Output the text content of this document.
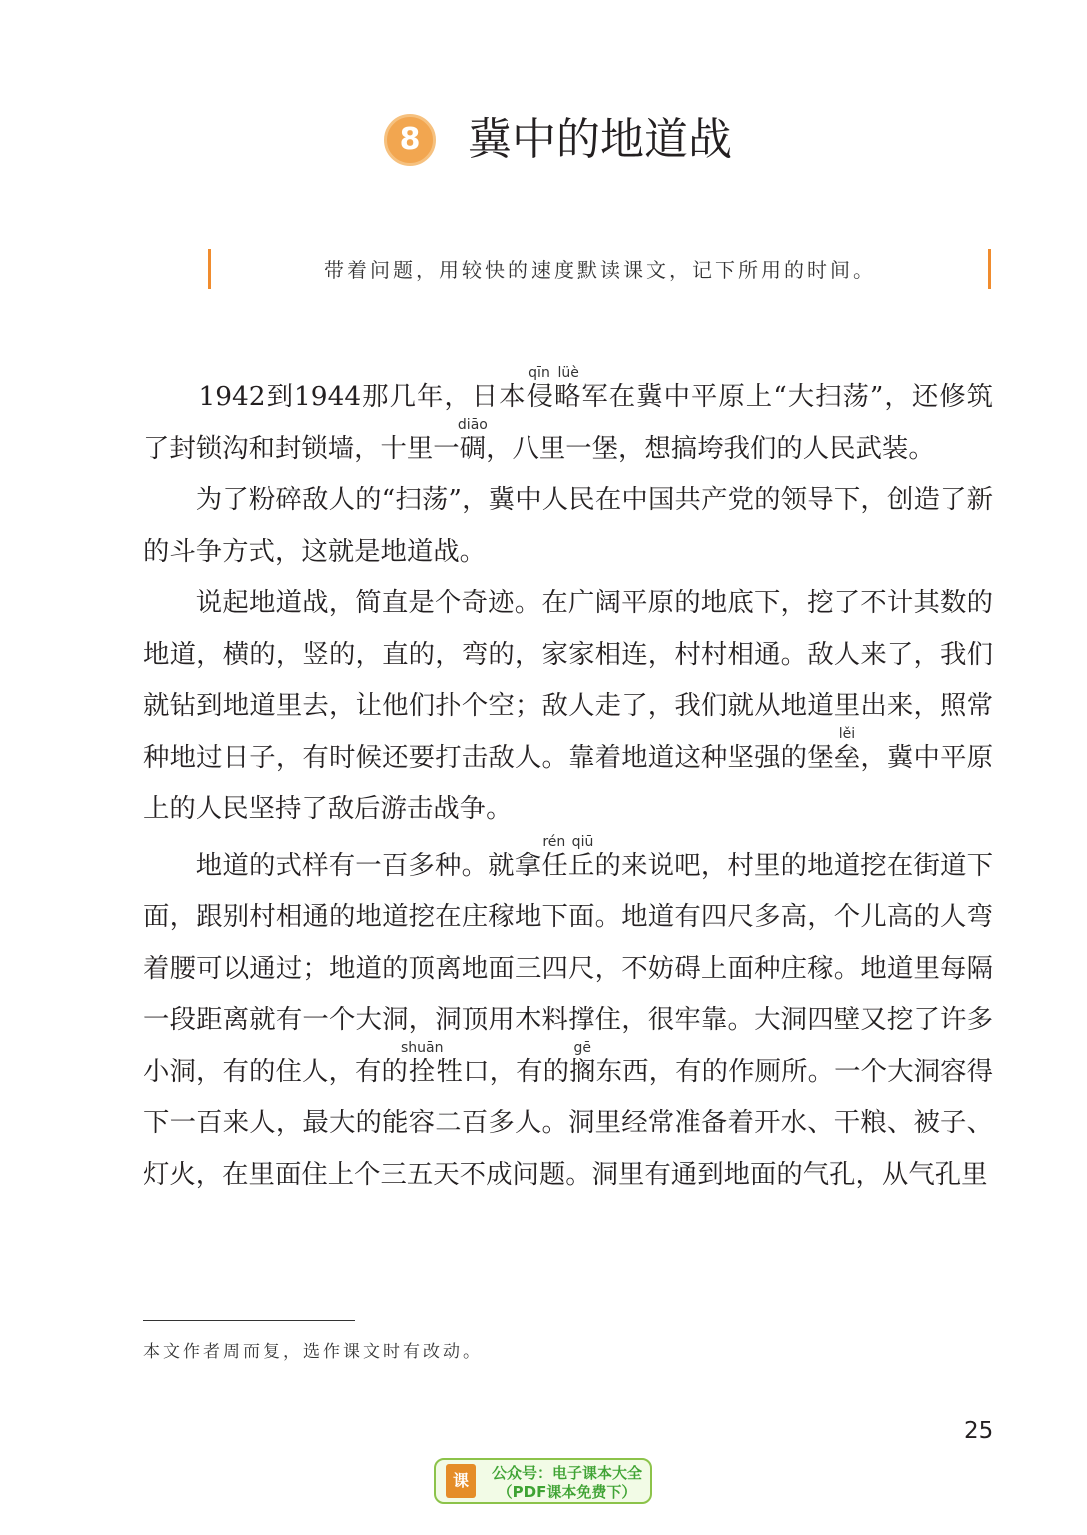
8	冀中的地道战
带着问题，用较快的速度默读课文，记下所用的时间。

1942到1944那几年，日本侵略qīn lüè军在冀中平原上“大扫荡”，还修筑了封锁沟和封锁墙，十里一碉diāo，八里一堡，想搞垮我们的人民武装。

为了粉碎敌人的“扫荡”，冀中人民在中国共产党的领导下，创造了新的斗争方式，这就是地道战。

说起地道战，简直是个奇迹。在广阔平原的地底下，挖了不计其数的地道，横的，竖的，直的，弯的，家家相连，村村相通。敌人来了，我们就钻到地道里去，让他们扑个空；敌人走了，我们就从地道里出来，照常种地过日子，有时候还要打击敌人。靠着地道这种坚强的堡垒lěi，冀中平原上的人民坚持了敌后游击战争。

地道的式样有一百多种。就拿任丘rén qiū的来说吧，村里的地道挖在街道下面，跟别村相通的地道挖在庄稼地下面。地道有四尺多高，个儿高的人弯着腰可以通过；地道的顶离地面三四尺，不妨碍上面种庄稼。地道里每隔一段距离就有一个大洞，洞顶用木料撑住，很牢靠。大洞四壁又挖了许多小洞，有的住人，有的拴shuān牲口，有的搁gē东西，有的作厕所。一个大洞容得下一百来人，最大的能容二百多人。洞里经常准备着开水、干粮、被子、灯火，在里面住上个三五天不成问题。洞里有通到地面的气孔，从气孔里

本文作者周而复，选作课文时有改动。
25
课	公众号：电子课本大全
（PDF课本免费下）
